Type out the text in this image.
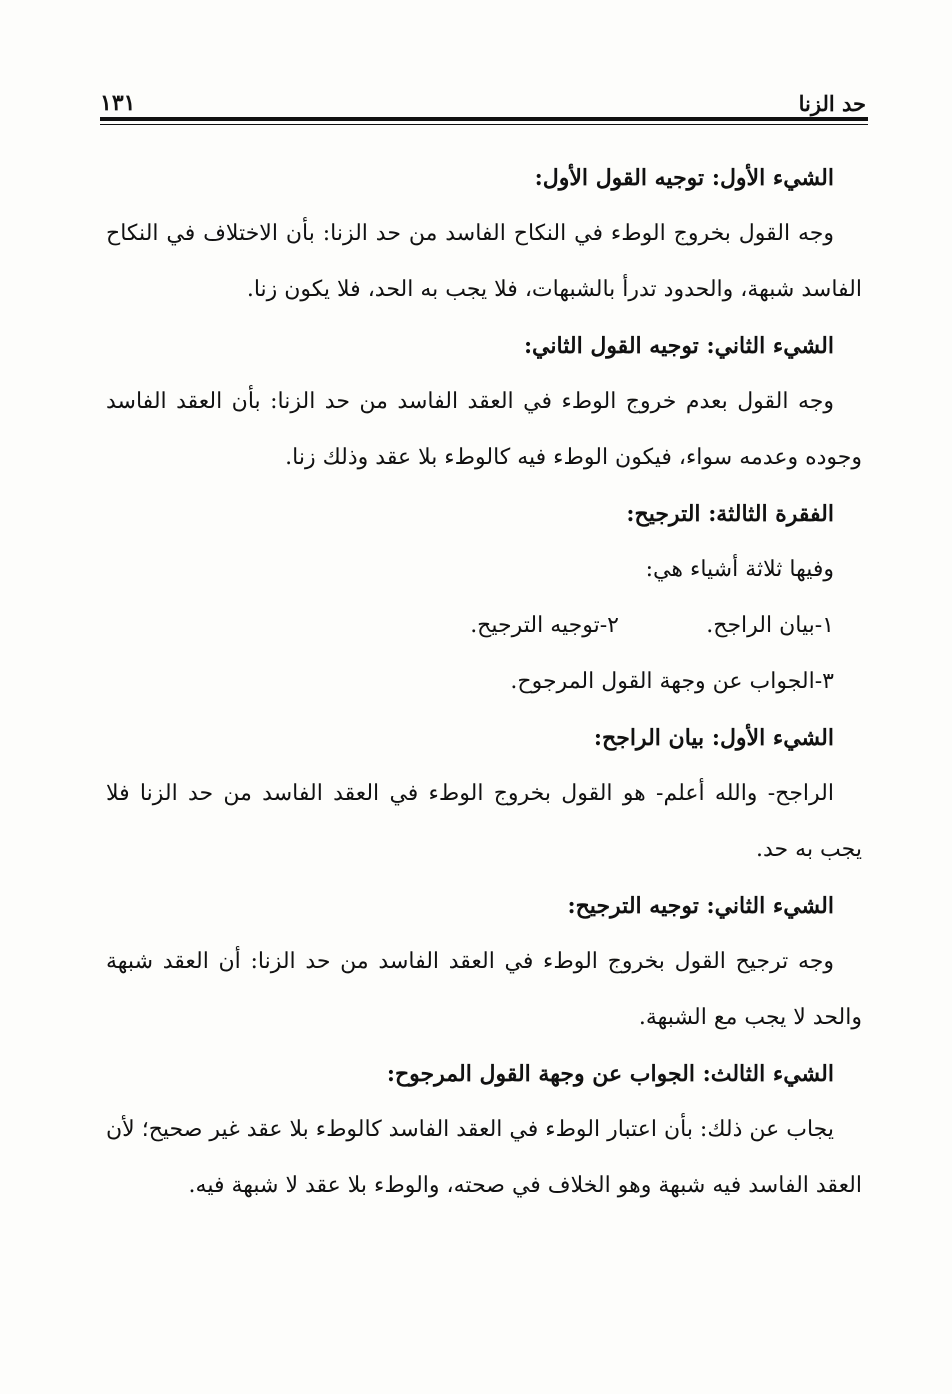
حد الزنا
١٣١

الشيء الأول: توجيه القول الأول:

وجه القول بخروج الوطء في النكاح الفاسد من حد الزنا: بأن الاختلاف في النكاح الفاسد شبهة، والحدود تدرأ بالشبهات، فلا يجب به الحد، فلا يكون زنا.

الشيء الثاني: توجيه القول الثاني:

وجه القول بعدم خروج الوطء في العقد الفاسد من حد الزنا: بأن العقد الفاسد وجوده وعدمه سواء، فيكون الوطء فيه كالوطء بلا عقد وذلك زنا.

الفقرة الثالثة: الترجيح:

وفيها ثلاثة أشياء هي:

١-بيان الراجح.
٢-توجيه الترجيح.

٣-الجواب عن وجهة القول المرجوح.

الشيء الأول: بيان الراجح:

الراجح- والله أعلم- هو القول بخروج الوطء في العقد الفاسد من حد الزنا فلا يجب به حد.

الشيء الثاني: توجيه الترجيح:

وجه ترجيح القول بخروج الوطء في العقد الفاسد من حد الزنا: أن العقد شبهة والحد لا يجب مع الشبهة.

الشيء الثالث: الجواب عن وجهة القول المرجوح:

يجاب عن ذلك: بأن اعتبار الوطء في العقد الفاسد كالوطء بلا عقد غير صحيح؛ لأن العقد الفاسد فيه شبهة وهو الخلاف في صحته، والوطء بلا عقد لا شبهة فيه.
